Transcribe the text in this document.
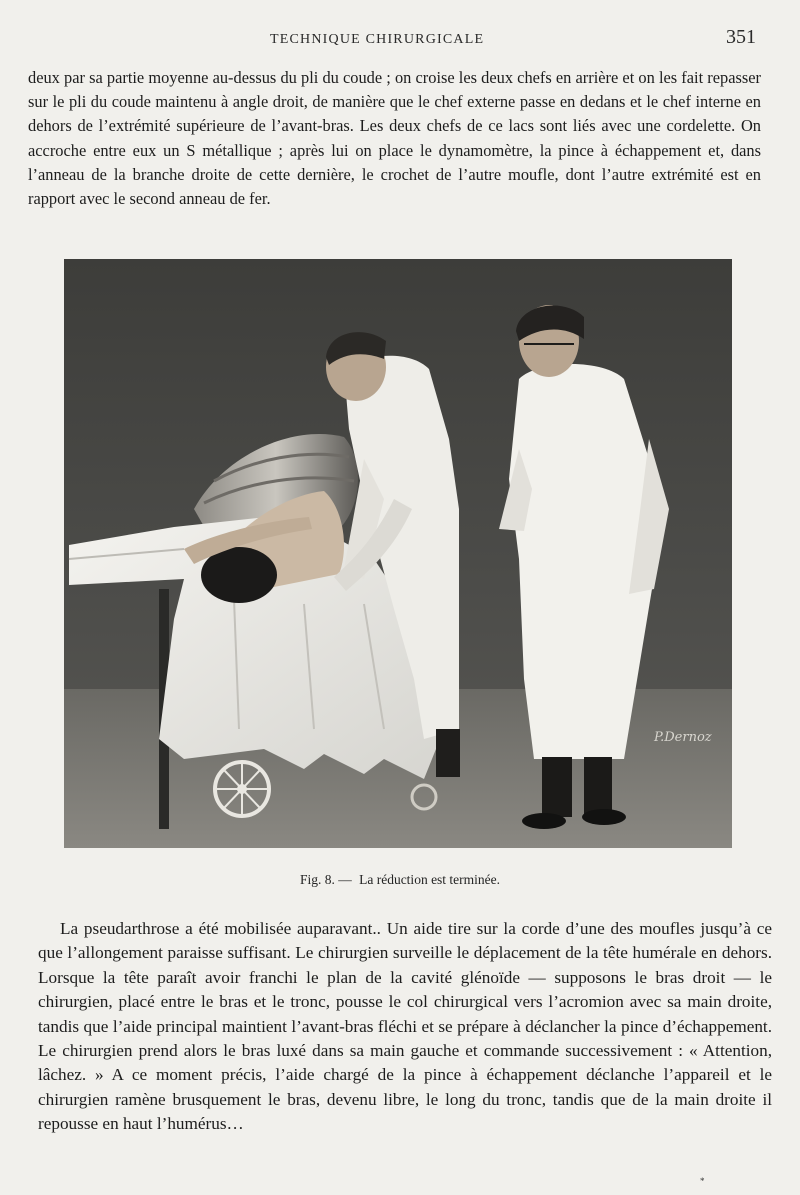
TECHNIQUE CHIRURGICALE	351

deux par sa partie moyenne au-dessus du pli du coude ; on croise les deux chefs en arrière et on les fait repasser sur le pli du coude maintenu à angle droit, de manière que le chef externe passe en dedans et le chef interne en dehors de l’extrémité supérieure de l’avant-bras. Les deux chefs de ce lacs sont liés avec une cordelette. On accroche entre eux un S métallique ; après lui on place le dynamomètre, la pince à échappement et, dans l’anneau de la branche droite de cette dernière, le crochet de l’autre moufle, dont l’autre extrémité est en rapport avec le second anneau de fer.

P.Dernoz
Fig. 8. — La réduction est terminée.

La pseudarthrose a été mobilisée auparavant.. Un aide tire sur la corde d’une des moufles jusqu’à ce que l’allongement paraisse suffisant. Le chirurgien surveille le déplacement de la tête humérale en dehors. Lorsque la tête paraît avoir franchi le plan de la cavité glénoïde — supposons le bras droit — le chirurgien, placé entre le bras et le tronc, pousse le col chirurgical vers l’acromion avec sa main droite, tandis que l’aide principal maintient l’avant-bras fléchi et se prépare à déclancher la pince d’échappement. Le chirurgien prend alors le bras luxé dans sa main gauche et commande successivement : « Attention, lâchez. » A ce moment précis, l’aide chargé de la pince à échappement déclanche l’appareil et le chirurgien ramène brusquement le bras, devenu libre, le long du tronc, tandis que de la main droite il repousse en haut l’humérus…

*
